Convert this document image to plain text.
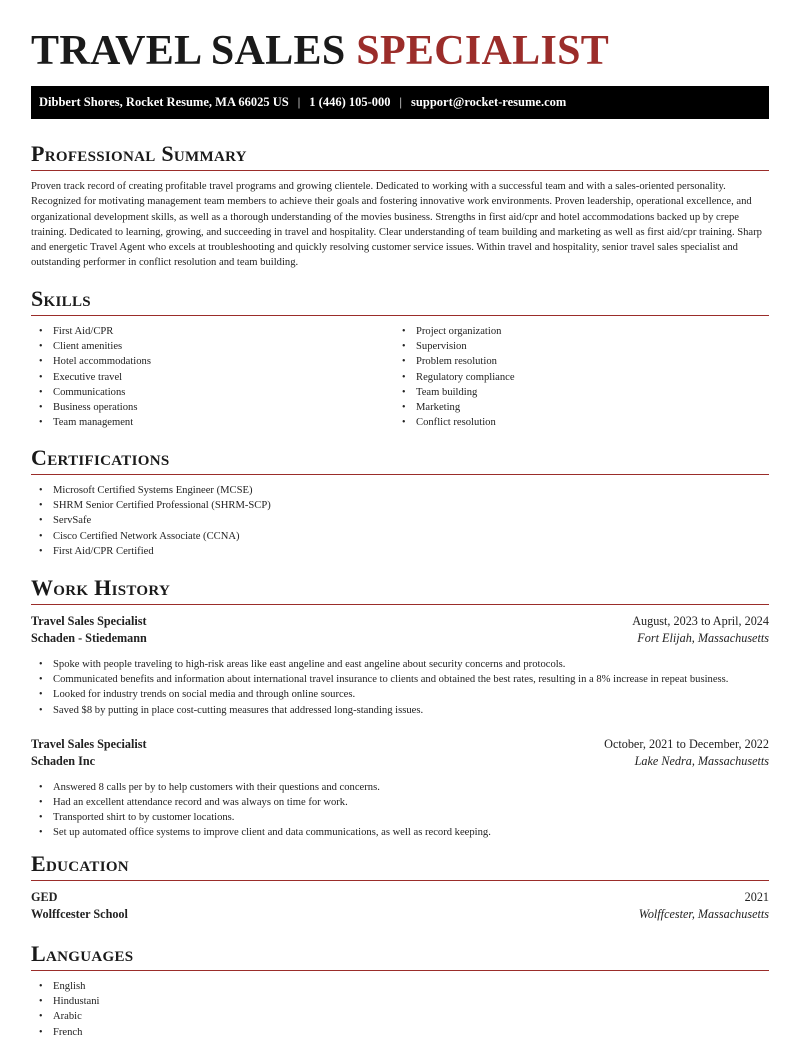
TRAVEL SALES SPECIALIST
Dibbert Shores, Rocket Resume, MA 66025 US | 1 (446) 105-000 | support@rocket-resume.com
Professional Summary

Proven track record of creating profitable travel programs and growing clientele. Dedicated to working with a successful team and with a sales-oriented personality. Recognized for motivating management team members to achieve their goals and fostering innovative work environments. Proven leadership, operational excellence, and organizational development skills, as well as a thorough understanding of the movies business. Strengths in first aid/cpr and hotel accommodations backed up by crepe training. Dedicated to learning, growing, and succeeding in travel and hospitality. Clear understanding of team building and marketing as well as first aid/cpr training. Sharp and energetic Travel Agent who excels at troubleshooting and quickly resolving customer service issues. Within travel and hospitality, senior travel sales specialist and outstanding performer in conflict resolution and team building.

Skills
• First Aid/CPR
• Client amenities
• Hotel accommodations
• Executive travel
• Communications
• Business operations
• Team management
• Project organization
• Supervision
• Problem resolution
• Regulatory compliance
• Team building
• Marketing
• Conflict resolution
Certifications
• Microsoft Certified Systems Engineer (MCSE)
• SHRM Senior Certified Professional (SHRM-SCP)
• ServSafe
• Cisco Certified Network Associate (CCNA)
• First Aid/CPR Certified
Work History
Travel Sales Specialist	August, 2023 to April, 2024
Schaden - Stiedemann	Fort Elijah, Massachusetts
• Spoke with people traveling to high-risk areas like east angeline and east angeline about security concerns and protocols.
• Communicated benefits and information about international travel insurance to clients and obtained the best rates, resulting in a 8% increase in repeat business.
• Looked for industry trends on social media and through online sources.
• Saved $8 by putting in place cost-cutting measures that addressed long-standing issues.
Travel Sales Specialist	October, 2021 to December, 2022
Schaden Inc	Lake Nedra, Massachusetts
• Answered 8 calls per by to help customers with their questions and concerns.
• Had an excellent attendance record and was always on time for work.
• Transported shirt to by customer locations.
• Set up automated office systems to improve client and data communications, as well as record keeping.
Education
GED	2021
Wolffcester School	Wolffcester, Massachusetts
Languages
• English
• Hindustani
• Arabic
• French
